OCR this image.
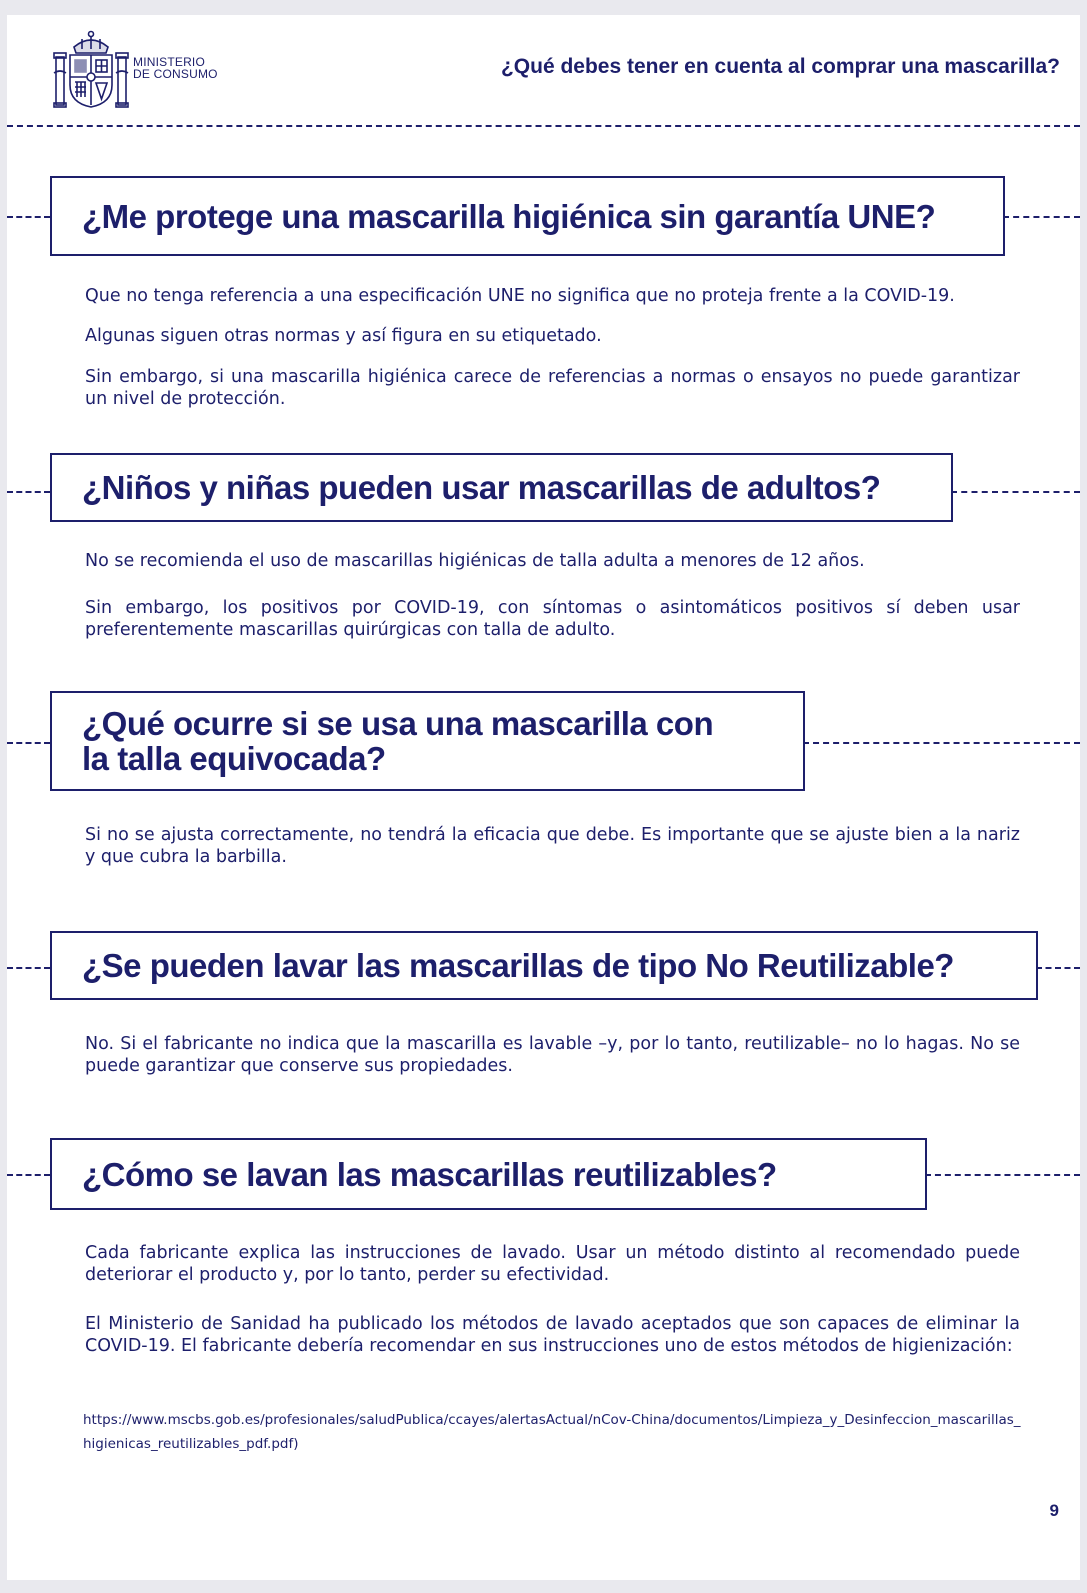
MINISTERIO
DE CONSUMO	¿Qué debes tener en cuenta al comprar una mascarilla?
¿Me protege una mascarilla higiénica sin garantía UNE?

Que no tenga referencia a una especificación UNE no significa que no proteja frente a la COVID-19.

Algunas siguen otras normas y así figura en su etiquetado.

Sin embargo, si una mascarilla higiénica carece de referencias a normas o ensayos no puede garantizar un nivel de protección.

¿Niños y niñas pueden usar mascarillas de adultos?

No se recomienda el uso de mascarillas higiénicas de talla adulta a menores de 12 años.

Sin embargo, los positivos por COVID-19, con síntomas o asintomáticos positivos sí deben usar preferentemente mascarillas quirúrgicas con talla de adulto.

¿Qué ocurre si se usa una mascarilla con
la talla equivocada?

Si no se ajusta correctamente, no tendrá la eficacia que debe. Es importante que se ajuste bien a la nariz y que cubra la barbilla.

¿Se pueden lavar las mascarillas de tipo No Reutilizable?

No. Si el fabricante no indica que la mascarilla es lavable –y, por lo tanto, reutilizable– no lo hagas. No se puede garantizar que conserve sus propiedades.

¿Cómo se lavan las mascarillas reutilizables?

Cada fabricante explica las instrucciones de lavado. Usar un método distinto al recomendado puede deteriorar el producto y, por lo tanto, perder su efectividad.

El Ministerio de Sanidad ha publicado los métodos de lavado aceptados que son capaces de eliminar la COVID-19. El fabricante debería recomendar en sus instrucciones uno de estos métodos de higienización:

https://www.mscbs.gob.es/profesionales/saludPublica/ccayes/alertasActual/nCov-China/documentos/Limpieza_y_Desinfeccion_mascarillas_higienicas_reutilizables_pdf.pdf)

9
